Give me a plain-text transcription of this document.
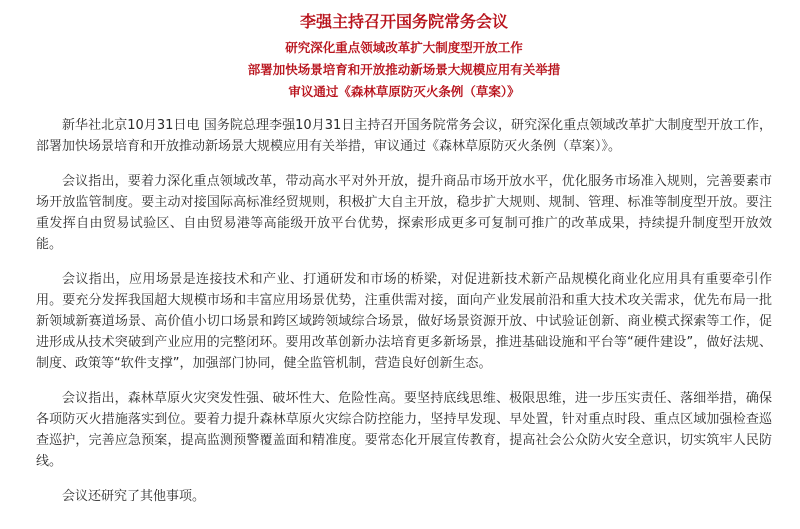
李强主持召开国务院常务会议
研究深化重点领域改革扩大制度型开放工作
部署加快场景培育和开放推动新场景大规模应用有关举措
审议通过《森林草原防灭火条例（草案）》

新华社北京10月31日电 国务院总理李强10月31日主持召开国务院常务会议，研究深化重点领域改革扩大制度型开放工作，部署加快场景培育和开放推动新场景大规模应用有关举措，审议通过《森林草原防灭火条例（草案）》。

会议指出，要着力深化重点领域改革，带动高水平对外开放，提升商品市场开放水平，优化服务市场准入规则，完善要素市场开放监管制度。要主动对接国际高标准经贸规则，积极扩大自主开放，稳步扩大规则、规制、管理、标准等制度型开放。要注重发挥自由贸易试验区、自由贸易港等高能级开放平台优势，探索形成更多可复制可推广的改革成果，持续提升制度型开放效能。

会议指出，应用场景是连接技术和产业、打通研发和市场的桥梁，对促进新技术新产品规模化商业化应用具有重要牵引作用。要充分发挥我国超大规模市场和丰富应用场景优势，注重供需对接，面向产业发展前沿和重大技术攻关需求，优先布局一批新领域新赛道场景、高价值小切口场景和跨区域跨领域综合场景，做好场景资源开放、中试验证创新、商业模式探索等工作，促进形成从技术突破到产业应用的完整闭环。要用改革创新办法培育更多新场景，推进基础设施和平台等“硬件建设”，做好法规、制度、政策等“软件支撑”，加强部门协同，健全监管机制，营造良好创新生态。

会议指出，森林草原火灾突发性强、破坏性大、危险性高。要坚持底线思维、极限思维，进一步压实责任、落细举措，确保各项防灭火措施落实到位。要着力提升森林草原火灾综合防控能力，坚持早发现、早处置，针对重点时段、重点区域加强检查巡查巡护，完善应急预案，提高监测预警覆盖面和精准度。要常态化开展宣传教育，提高社会公众防火安全意识，切实筑牢人民防线。

会议还研究了其他事项。
